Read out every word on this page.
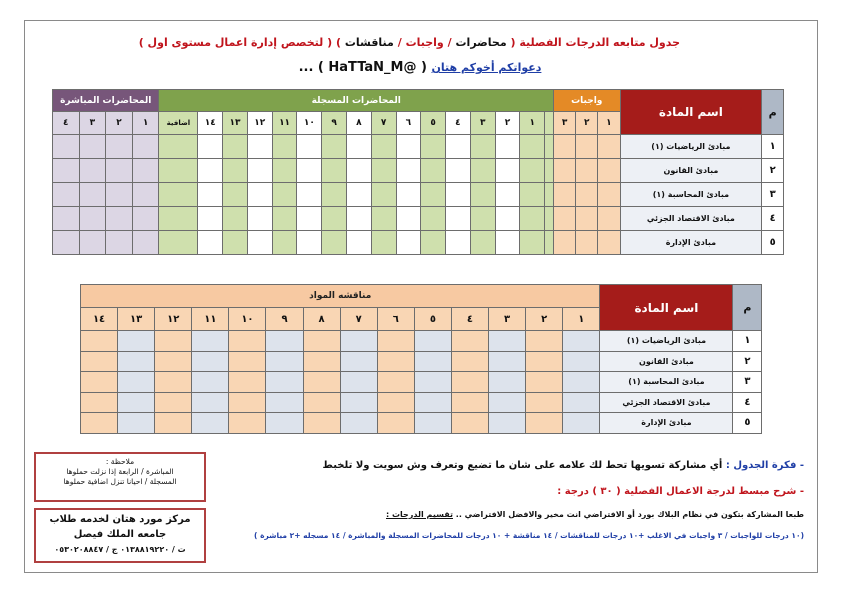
جدول متابعه الدرجات الفصلية ( محاضرات / واجبات / مناقشات ) ( لتخصص إدارة اعمال مستوى اول )
دعواتكم أخوكم هتان ( @HaTTaN_M ) ...
المحاضرات المباشرة				المحاضرات المسجلة																واجبات			اسم المادة	م
٤	٣	٢	١	اضافية	١٤	١٣	١٢	١١	١٠	٩	٨	٧	٦	٥	٤	٣	٢	١		٣	٢	١		
																							مبادئ الرياضيات (١)	١
																							مبادئ القانون	٢
																							مبادئ المحاسبة (١)	٣
																							مبادئ الاقتصاد الجزئي	٤
																							مبادئ الإدارة	٥
مناقشه المواد														اسم المادة	م
١٤	١٣	١٢	١١	١٠	٩	٨	٧	٦	٥	٤	٣	٢	١		
														مبادئ الرياضيات (١)	١
														مبادئ القانون	٢
														مبادئ المحاسبة (١)	٣
														مبادئ الاقتصاد الجزئي	٤
														مبادئ الإدارة	٥
ملاحظة :
المباشرة / الرابعة إذا نزلت حملوها
المسجلة / احيانا تنزل اضافية حملوها
مركز مورد هتان لخدمه طلاب
جامعه الملك فيصل
ت / ٠١٣٨٨١٩٢٢٠ ج / ٠٥٣٠٢٠٨٨٤٧
- فكرة الجدول : أي مشاركة تسويها تحط لك علامه على شان ما تضيع وتعرف وش سويت ولا تلخبط
- شرح مبسط لدرجة الاعمال الفصلية ( ٣٠ ) درجة :
طبعا المشاركة بتكون في نظام البلاك بورد أو الافتراضي انت مخير والافضل الافتراضي .. تقسيم الدرجات :
(١٠ درجات للواجبات / ٣ واجبات في الاغلب +١٠ درجات للمناقشات / ١٤ مناقشة + ١٠ درجات للمحاضرات المسجلة والمباشرة / ١٤ مسجله +٢ مباشرة )
